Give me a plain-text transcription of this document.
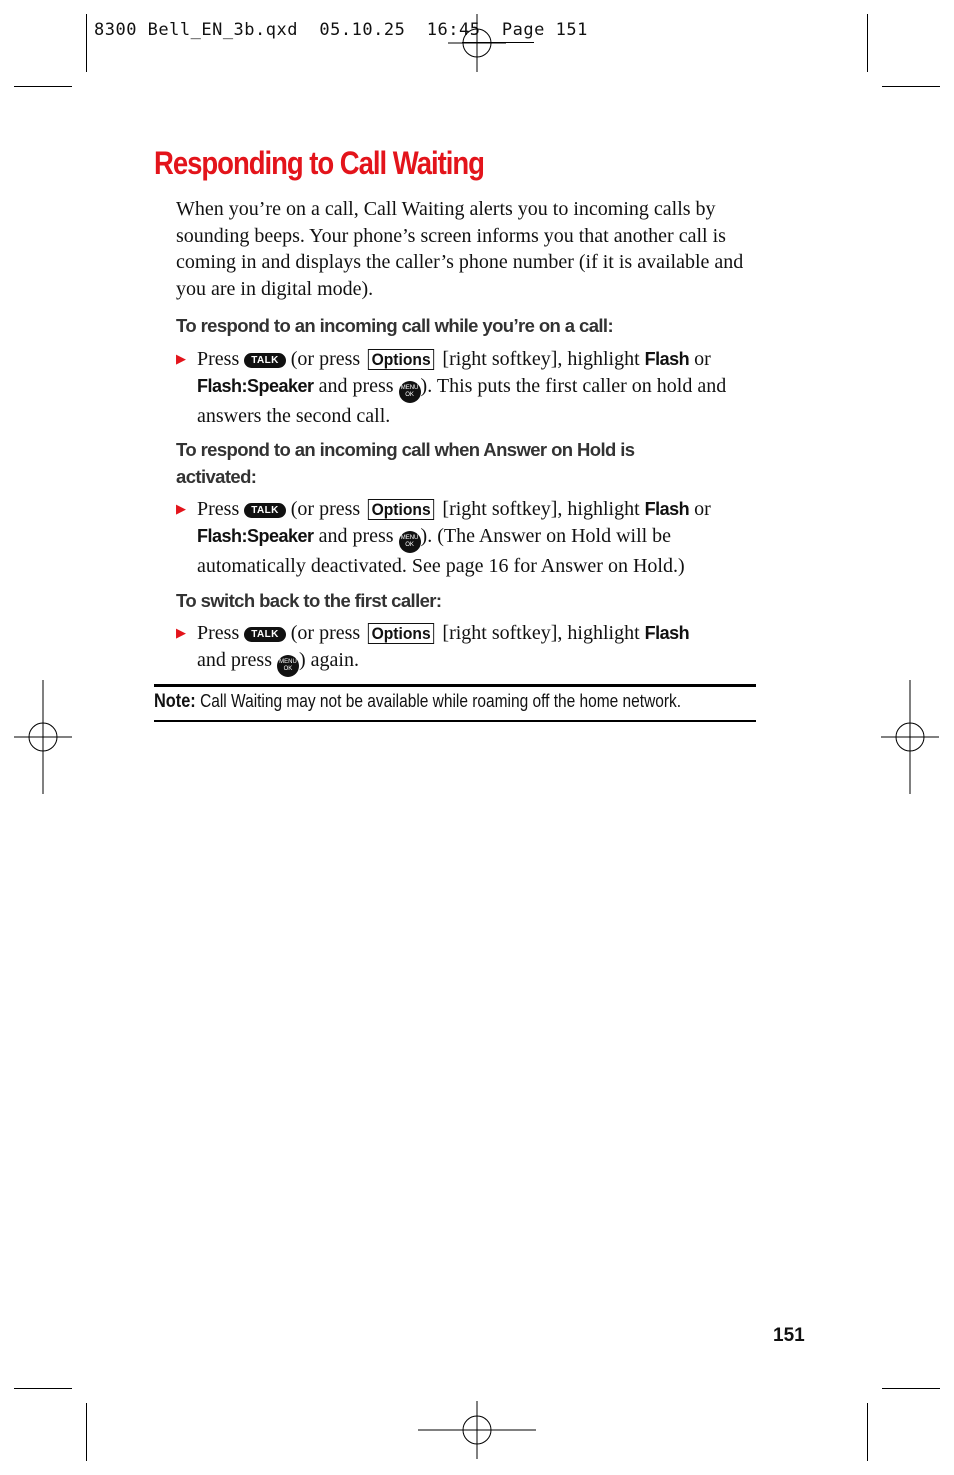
8300 Bell_EN_3b.qxd  05.10.25  16:45  Page 151
Responding to Call Waiting

When you’re on a call, Call Waiting alerts you to incoming calls by sounding beeps. Your phone’s screen informs you that another call is coming in and displays the caller’s phone number (if it is available and you are in digital mode).

To respond to an incoming call while you’re on a call:
▶ Press TALK (or press Options [right softkey], highlight Flash or Flash:Speaker and press MENU
OK ). This puts the first caller on hold and answers the second call.
To respond to an incoming call when Answer on Hold is activated:
▶ Press TALK (or press Options [right softkey], highlight Flash or Flash:Speaker and press MENU
OK ). (The Answer on Hold will be automatically deactivated. See page 16 for Answer on Hold.)
To switch back to the first caller:
▶ Press TALK (or press Options [right softkey], highlight Flash
and press MENU
OK ) again.
Note: Call Waiting may not be available while roaming off the home network.
151
